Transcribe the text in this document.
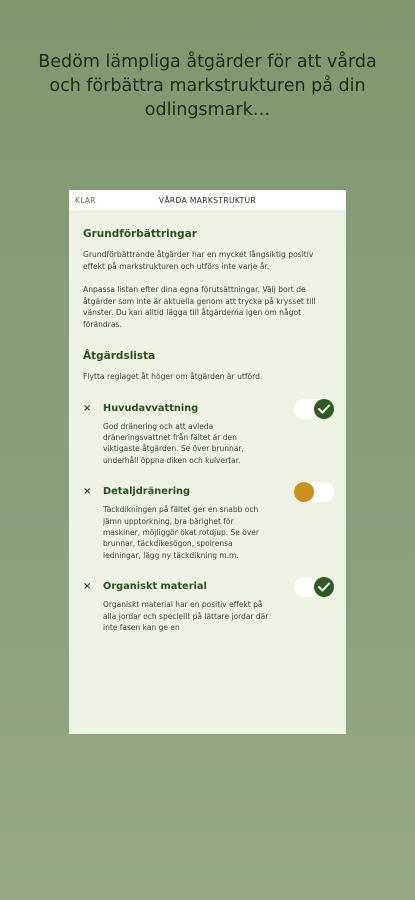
Bedöm lämpliga åtgärder för att vårda och förbättra markstrukturen på din odlingsmark…
KLAR	VÅRDA MARKSTRUKTUR
Grundförbättringar

Grundförbättrande åtgärder har en mycket långsiktig positiv effekt på markstrukturen och utförs inte varje år.

Anpassa listan efter dina egna förutsättningar. Välj bort de åtgärder som inte är aktuella genom att trycka på krysset till vänster. Du kan alltid lägga till åtgärderna igen om något förändras.

Åtgärdslista

Flytta reglaget åt höger om åtgärden är utförd.

× Huvudavvattning
God dränering och att avleda dräneringsvattnet från fältet är den viktigaste åtgärden. Se över brunnar, underhåll öppna diken och kulvertar.
× Detaljdränering
Täckdikningen på fältet ger en snabb och jämn upptorkning, bra bärighet för maskiner, möjliggör ökat rotdjup. Se över brunnar, täckdikesögon, spolrensa ledningar, lägg ny täckdikning m.m.
× Organiskt material
Organiskt material har en positiv effekt på alla jordar och speciellt på lättare jordar där inte fasen kan ge en
